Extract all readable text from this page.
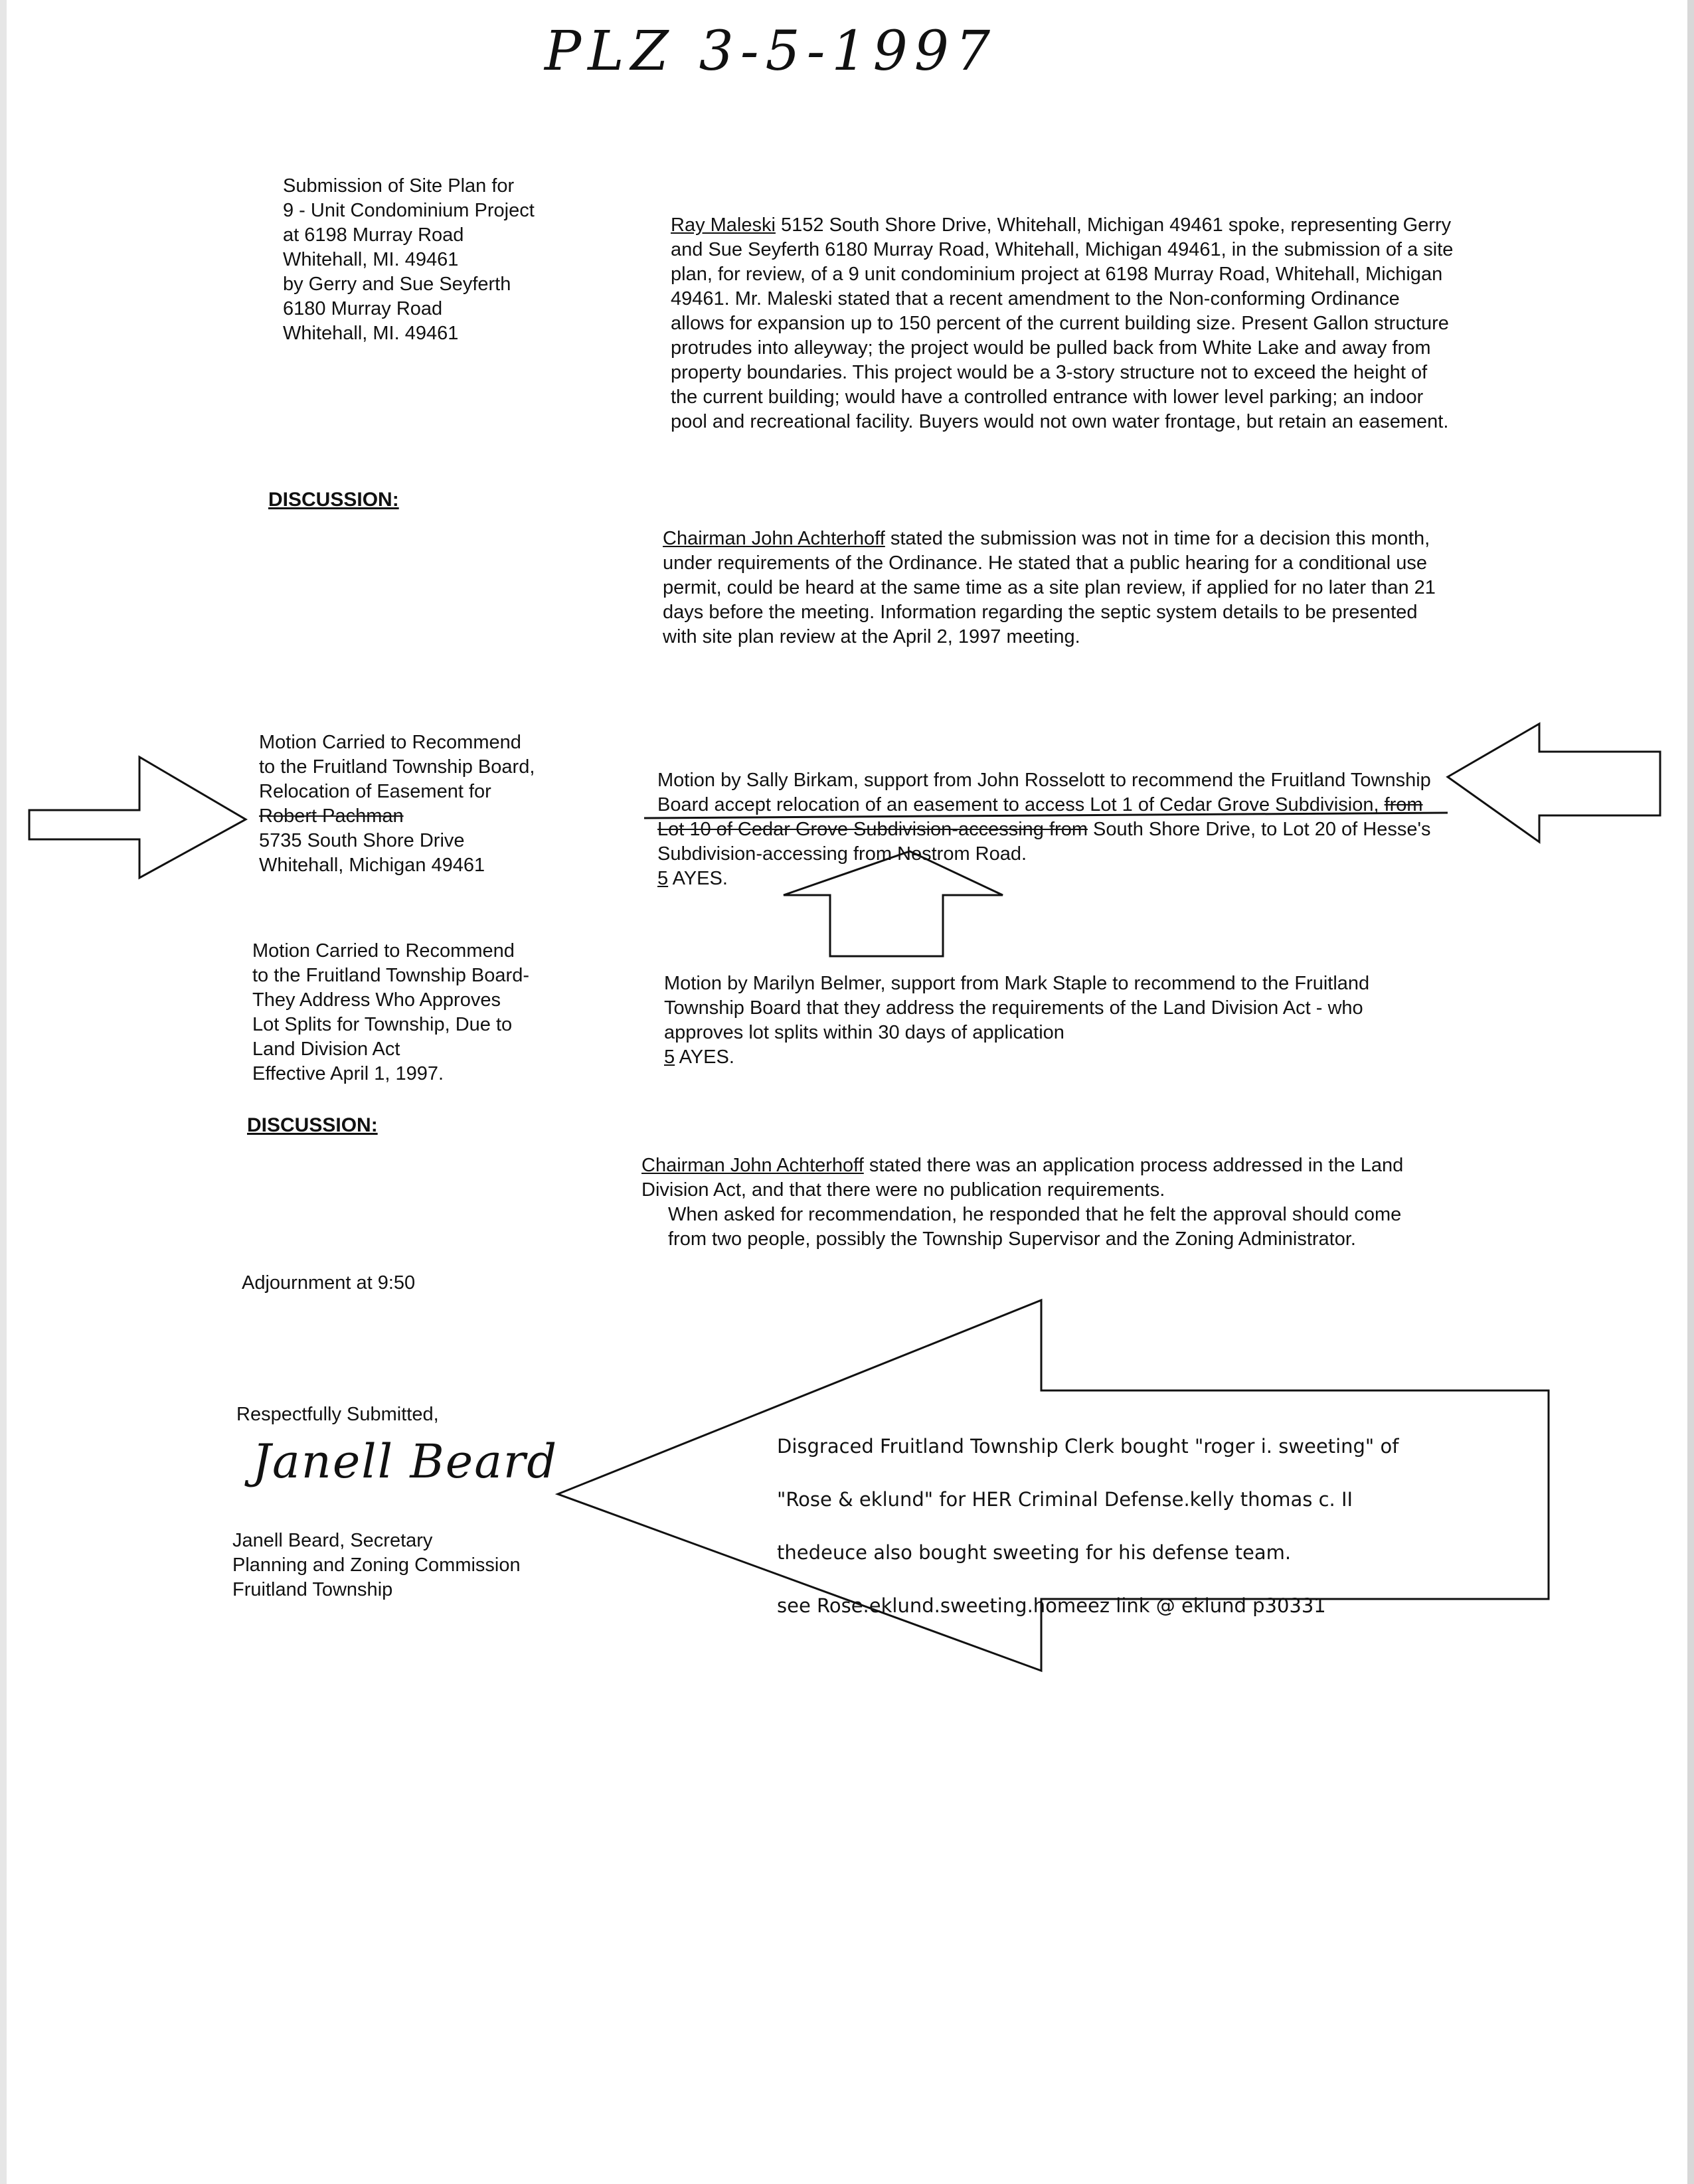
PLZ 3-5-1997
Submission of Site Plan for
9 - Unit Condominium Project
at 6198 Murray Road
Whitehall, MI. 49461
by Gerry and Sue Seyferth
6180 Murray Road
Whitehall, MI. 49461

Ray Maleski 5152 South Shore Drive, Whitehall, Michigan 49461 spoke, representing Gerry and Sue Seyferth 6180 Murray Road, Whitehall, Michigan 49461, in the submission of a site plan, for review, of a 9 unit condominium project at 6198 Murray Road, Whitehall, Michigan 49461. Mr. Maleski stated that a recent amendment to the Non-conforming Ordinance allows for expansion up to 150 percent of the current building size. Present Gallon structure protrudes into alleyway; the project would be pulled back from White Lake and away from property boundaries. This project would be a 3-story structure not to exceed the height of the current building; would have a controlled entrance with lower level parking; an indoor pool and recreational facility. Buyers would not own water frontage, but retain an easement.

DISCUSSION:

Chairman John Achterhoff stated the submission was not in time for a decision this month, under requirements of the Ordinance. He stated that a public hearing for a conditional use permit, could be heard at the same time as a site plan review, if applied for no later than 21 days before the meeting. Information regarding the septic system details to be presented with site plan review at the April 2, 1997 meeting.

Motion Carried to Recommend
to the Fruitland Township Board,
Relocation of Easement for
Robert Pachman
5735 South Shore Drive
Whitehall, Michigan 49461

Motion by Sally Birkam, support from John Rosselott to recommend the Fruitland Township Board accept relocation of an easement to access Lot 1 of Cedar Grove Subdivision, from Lot 10 of Cedar Grove Subdivision-accessing from South Shore Drive, to Lot 20 of Hesse's Subdivision-accessing from Nestrom Road.

5 AYES.

Motion Carried to Recommend
to the Fruitland Township Board-
They Address Who Approves
Lot Splits for Township, Due to
Land Division Act
Effective April 1, 1997.

Motion by Marilyn Belmer, support from Mark Staple to recommend to the Fruitland Township Board that they address the requirements of the Land Division Act - who approves lot splits within 30 days of application

5 AYES.

DISCUSSION:

Chairman John Achterhoff stated there was an application process addressed in the Land Division Act, and that there were no publication requirements.

When asked for recommendation, he responded that he felt the approval should come from two people, possibly the Township Supervisor and the Zoning Administrator.

Adjournment at 9:50
Respectfully Submitted,
Janell Beard
Janell Beard, Secretary
Planning and Zoning Commission
Fruitland Township

Disgraced Fruitland Township Clerk bought "roger i. sweeting" of

"Rose & eklund" for HER Criminal Defense.kelly thomas c. II

thedeuce also bought sweeting for his defense team.

see Rose.eklund.sweeting.homeez link @ eklund p30331
